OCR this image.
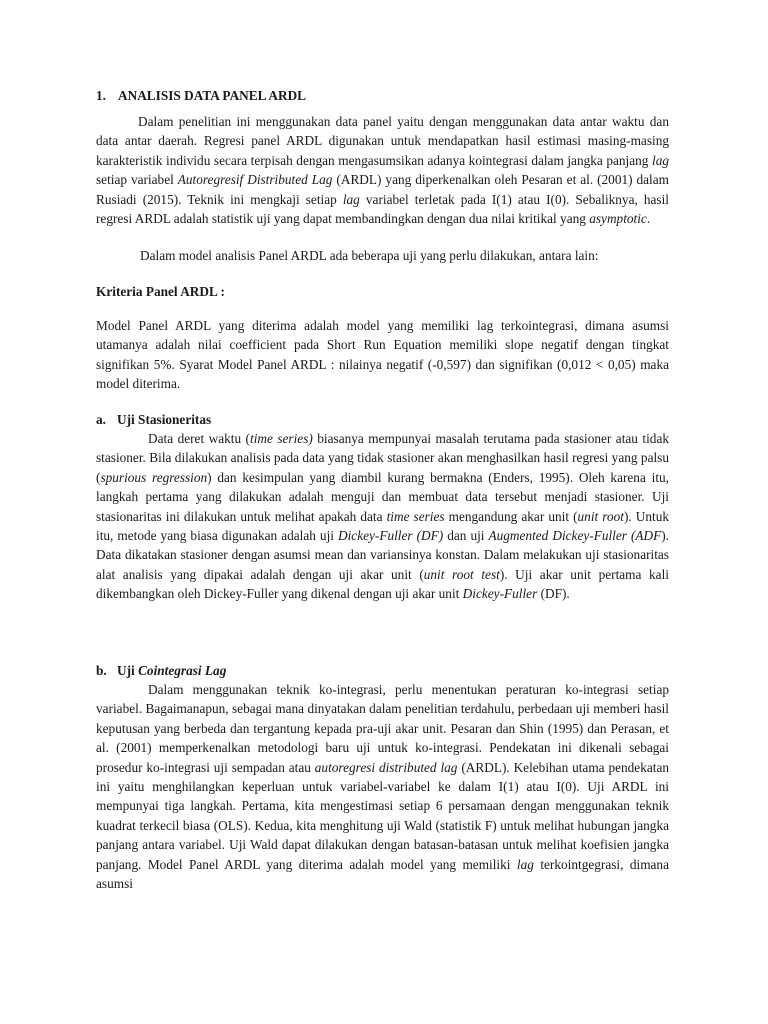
1. ANALISIS DATA PANEL ARDL

Dalam penelitian ini menggunakan data panel yaitu dengan menggunakan data antar waktu dan data antar daerah. Regresi panel ARDL digunakan untuk mendapatkan hasil estimasi masing-masing karakteristik individu secara terpisah dengan mengasumsikan adanya kointegrasi dalam jangka panjang lag setiap variabel Autoregresif Distributed Lag (ARDL) yang diperkenalkan oleh Pesaran et al. (2001) dalam Rusiadi (2015). Teknik ini mengkaji setiap lag variabel terletak pada I(1) atau I(0). Sebaliknya, hasil regresi ARDL adalah statistik uji yang dapat membandingkan dengan dua nilai kritikal yang asymptotic.

Dalam model analisis Panel ARDL ada beberapa uji yang perlu dilakukan, antara lain:

Kriteria Panel ARDL :

Model Panel ARDL yang diterima adalah model yang memiliki lag terkointegrasi, dimana asumsi utamanya adalah nilai coefficient pada Short Run Equation memiliki slope negatif dengan tingkat signifikan 5%. Syarat Model Panel ARDL : nilainya negatif (-0,597) dan signifikan (0,012 < 0,05) maka model diterima.

a. Uji Stasioneritas

Data deret waktu (time series) biasanya mempunyai masalah terutama pada stasioner atau tidak stasioner. Bila dilakukan analisis pada data yang tidak stasioner akan menghasilkan hasil regresi yang palsu (spurious regression) dan kesimpulan yang diambil kurang bermakna (Enders, 1995). Oleh karena itu, langkah pertama yang dilakukan adalah menguji dan membuat data tersebut menjadi stasioner. Uji stasionaritas ini dilakukan untuk melihat apakah data time series mengandung akar unit (unit root). Untuk itu, metode yang biasa digunakan adalah uji Dickey-Fuller (DF) dan uji Augmented Dickey-Fuller (ADF). Data dikatakan stasioner dengan asumsi mean dan variansinya konstan. Dalam melakukan uji stasionaritas alat analisis yang dipakai adalah dengan uji akar unit (unit root test). Uji akar unit pertama kali dikembangkan oleh Dickey-Fuller yang dikenal dengan uji akar unit Dickey-Fuller (DF).

b. Uji Cointegrasi Lag

Dalam menggunakan teknik ko-integrasi, perlu menentukan peraturan ko-integrasi setiap variabel. Bagaimanapun, sebagai mana dinyatakan dalam penelitian terdahulu, perbedaan uji memberi hasil keputusan yang berbeda dan tergantung kepada pra-uji akar unit. Pesaran dan Shin (1995) dan Perasan, et al. (2001) memperkenalkan metodologi baru uji untuk ko-integrasi. Pendekatan ini dikenali sebagai prosedur ko-integrasi uji sempadan atau autoregresi distributed lag (ARDL). Kelebihan utama pendekatan ini yaitu menghilangkan keperluan untuk variabel-variabel ke dalam I(1) atau I(0). Uji ARDL ini mempunyai tiga langkah. Pertama, kita mengestimasi setiap 6 persamaan dengan menggunakan teknik kuadrat terkecil biasa (OLS). Kedua, kita menghitung uji Wald (statistik F) untuk melihat hubungan jangka panjang antara variabel. Uji Wald dapat dilakukan dengan batasan-batasan untuk melihat koefisien jangka panjang. Model Panel ARDL yang diterima adalah model yang memiliki lag terkointgegrasi, dimana asumsi
